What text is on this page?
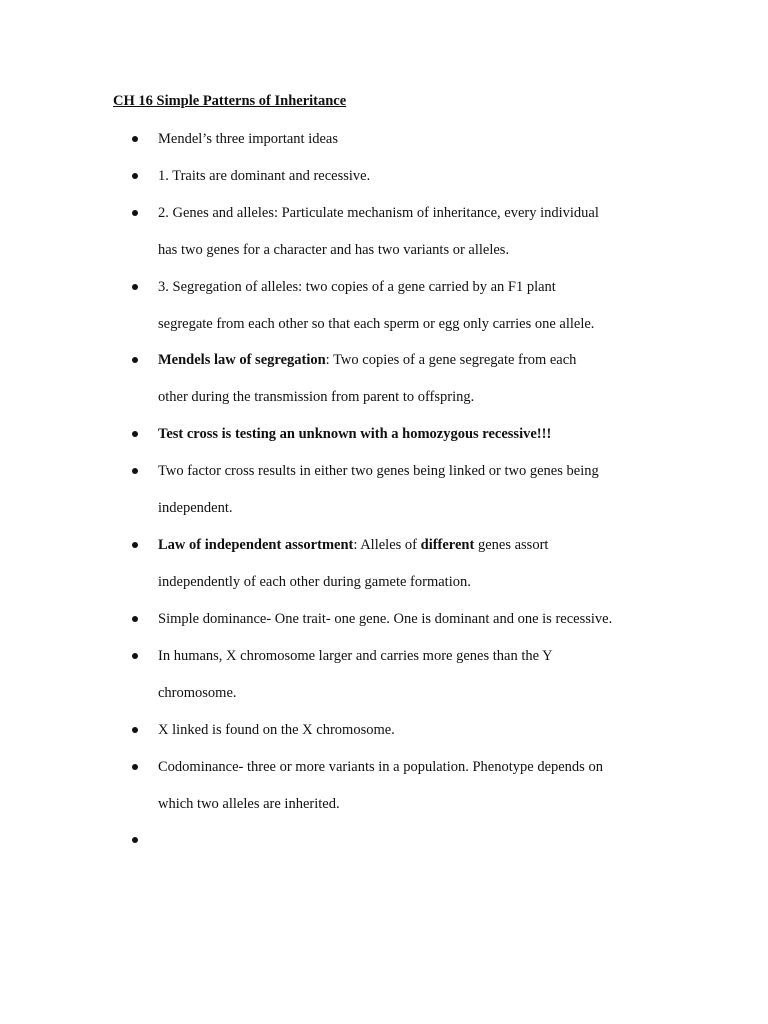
CH 16 Simple Patterns of Inheritance
Mendel’s three important ideas
1. Traits are dominant and recessive.
2. Genes and alleles: Particulate mechanism of inheritance, every individual
has two genes for a character and has two variants or alleles.
3. Segregation of alleles: two copies of a gene carried by an F1 plant
segregate from each other so that each sperm or egg only carries one allele.
Mendels law of segregation: Two copies of a gene segregate from each
other during the transmission from parent to offspring.
Test cross is testing an unknown with a homozygous recessive!!!
Two factor cross results in either two genes being linked or two genes being
independent.
Law of independent assortment: Alleles of different genes assort
independently of each other during gamete formation.
Simple dominance- One trait- one gene. One is dominant and one is recessive.
In humans, X chromosome larger and carries more genes than the Y
chromosome.
X linked is found on the X chromosome.
Codominance- three or more variants in a population. Phenotype depends on
which two alleles are inherited.
